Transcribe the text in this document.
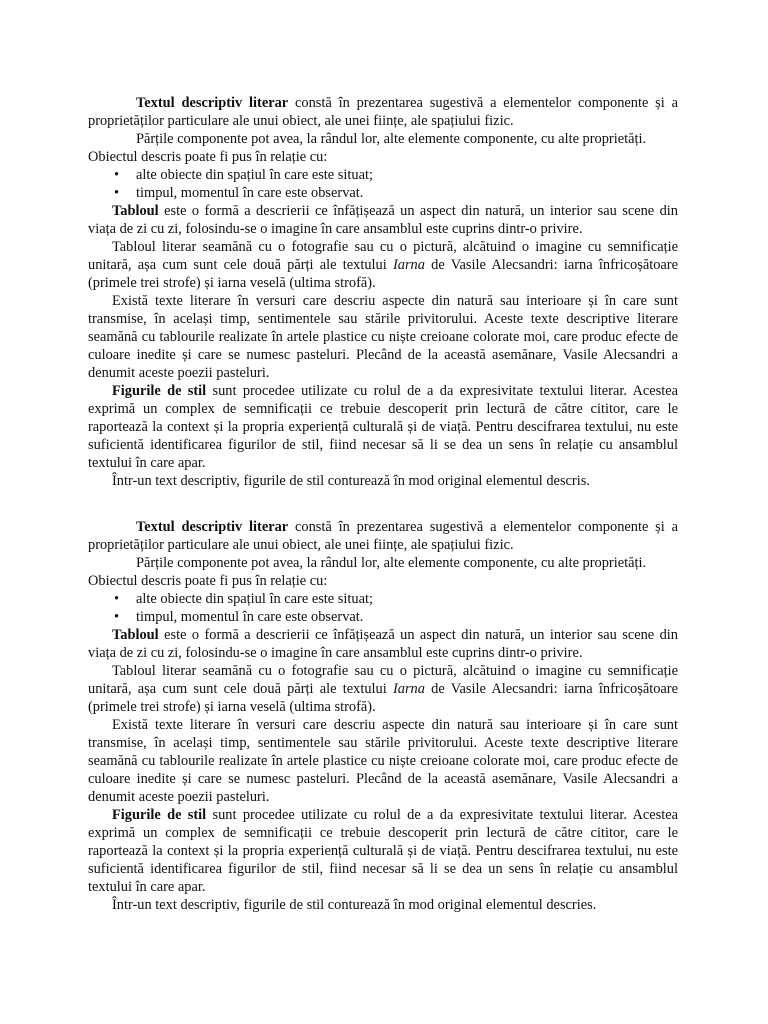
Textul descriptiv literar constă în prezentarea sugestivă a elementelor componente și a proprietăților particulare ale unui obiect, ale unei ființe, ale spațiului fizic.

Părțile componente pot avea, la rândul lor, alte elemente componente, cu alte proprietăți.

Obiectul descris poate fi pus în relație cu:

• alte obiecte din spațiul în care este situat;
• timpul, momentul în care este observat.

Tabloul este o formă a descrierii ce înfățișează un aspect din natură, un interior sau scene din viața de zi cu zi, folosindu-se o imagine în care ansamblul este cuprins dintr-o privire.

Tabloul literar seamănă cu o fotografie sau cu o pictură, alcătuind o imagine cu semnificație unitară, așa cum sunt cele două părți ale textului Iarna de Vasile Alecsandri: iarna înfricoșătoare (primele trei strofe) și iarna veselă (ultima strofă).

Există texte literare în versuri care descriu aspecte din natură sau interioare și în care sunt transmise, în același timp, sentimentele sau stările privitorului. Aceste texte descriptive literare seamănă cu tablourile realizate în artele plastice cu niște creioane colorate moi, care produc efecte de culoare inedite și care se numesc pasteluri. Plecând de la această asemănare, Vasile Alecsandri a denumit aceste poezii pasteluri.

Figurile de stil sunt procedee utilizate cu rolul de a da expresivitate textului literar. Acestea exprimă un complex de semnificații ce trebuie descoperit prin lectură de către cititor, care le raportează la context și la propria experiență culturală și de viață. Pentru descifrarea textului, nu este suficientă identificarea figurilor de stil, fiind necesar să li se dea un sens în relație cu ansamblul textului în care apar.

Într-un text descriptiv, figurile de stil conturează în mod original elementul descris.

Textul descriptiv literar constă în prezentarea sugestivă a elementelor componente și a proprietăților particulare ale unui obiect, ale unei ființe, ale spațiului fizic.

Părțile componente pot avea, la rândul lor, alte elemente componente, cu alte proprietăți.

Obiectul descris poate fi pus în relație cu:

• alte obiecte din spațiul în care este situat;
• timpul, momentul în care este observat.

Tabloul este o formă a descrierii ce înfățișează un aspect din natură, un interior sau scene din viața de zi cu zi, folosindu-se o imagine în care ansamblul este cuprins dintr-o privire.

Tabloul literar seamănă cu o fotografie sau cu o pictură, alcătuind o imagine cu semnificație unitară, așa cum sunt cele două părți ale textului Iarna de Vasile Alecsandri: iarna înfricoșătoare (primele trei strofe) și iarna veselă (ultima strofă).

Există texte literare în versuri care descriu aspecte din natură sau interioare și în care sunt transmise, în același timp, sentimentele sau stările privitorului. Aceste texte descriptive literare seamănă cu tablourile realizate în artele plastice cu niște creioane colorate moi, care produc efecte de culoare inedite și care se numesc pasteluri. Plecând de la această asemănare, Vasile Alecsandri a denumit aceste poezii pasteluri.

Figurile de stil sunt procedee utilizate cu rolul de a da expresivitate textului literar. Acestea exprimă un complex de semnificații ce trebuie descoperit prin lectură de către cititor, care le raportează la context și la propria experiență culturală și de viață. Pentru descifrarea textului, nu este suficientă identificarea figurilor de stil, fiind necesar să li se dea un sens în relație cu ansamblul textului în care apar.

Într-un text descriptiv, figurile de stil conturează în mod original elementul descries.
